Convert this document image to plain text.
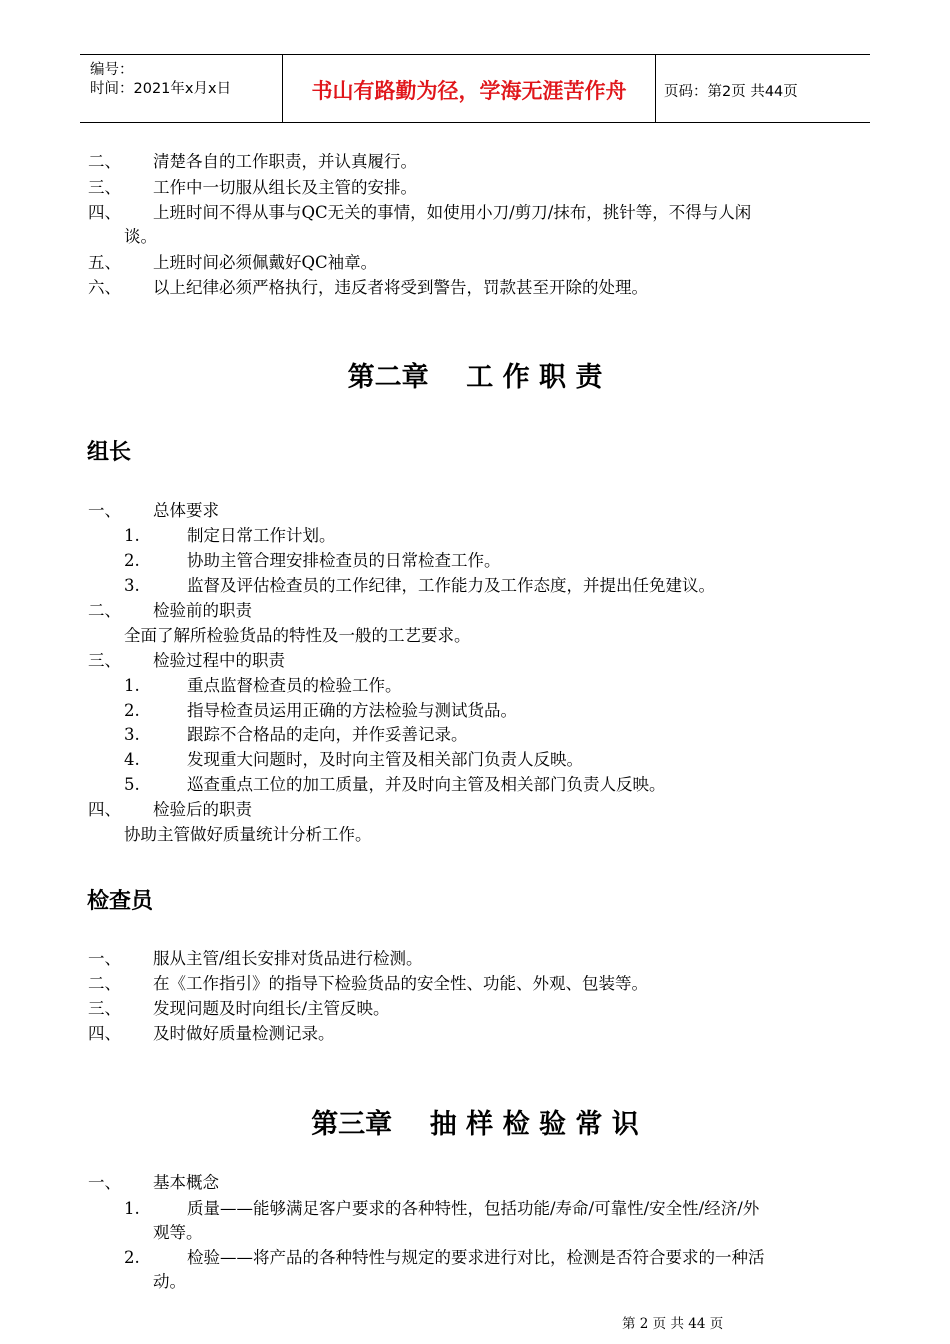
编号：
时间：2021年x月x日	书山有路勤为径，学海无涯苦作舟	页码：第2页 共44页
二、 清楚各自的工作职责，并认真履行。
三、 工作中一切服从组长及主管的安排。
四、 上班时间不得从事与QC无关的事情，如使用小刀/剪刀/抹布，挑针等，不得与人闲
谈。
五、 上班时间必须佩戴好QC袖章。
六、 以上纪律必须严格执行，违反者将受到警告，罚款甚至开除的处理。
第二章    工 作 职 责
组长
一、 总体要求
1.	制定日常工作计划。
2.	协助主管合理安排检查员的日常检查工作。
3.	监督及评估检查员的工作纪律，工作能力及工作态度，并提出任免建议。
二、 检验前的职责
全面了解所检验货品的特性及一般的工艺要求。
三、 检验过程中的职责
1.	重点监督检查员的检验工作。
2.	指导检查员运用正确的方法检验与测试货品。
3.	跟踪不合格品的走向，并作妥善记录。
4.	发现重大问题时，及时向主管及相关部门负责人反映。
5.	巡查重点工位的加工质量，并及时向主管及相关部门负责人反映。
四、 检验后的职责
协助主管做好质量统计分析工作。
检查员
一、 服从主管/组长安排对货品进行检测。
二、 在《工作指引》的指导下检验货品的安全性、功能、外观、包装等。
三、 发现问题及时向组长/主管反映。
四、 及时做好质量检测记录。
第三章    抽 样 检 验 常 识
一、 基本概念
1.	质量——能够满足客户要求的各种特性，包括功能/寿命/可靠性/安全性/经济/外
观等。
2.	检验——将产品的各种特性与规定的要求进行对比，检测是否符合要求的一种活
动。
第 2 页 共 44 页
